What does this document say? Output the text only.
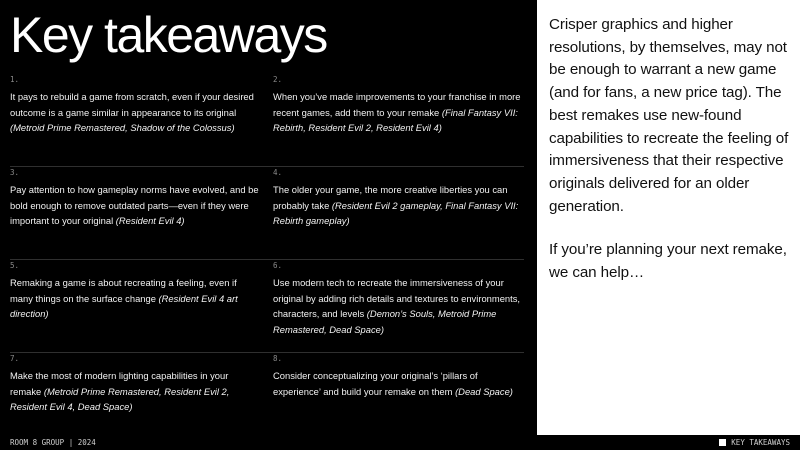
Key takeaways
1.
It pays to rebuild a game from scratch, even if your desired outcome is a game similar in appearance to its original (Metroid Prime Remastered, Shadow of the Colossus)
2.
When you’ve made improvements to your franchise in more recent games, add them to your remake (Final Fantasy VII: Rebirth, Resident Evil 2, Resident Evil 4)
3.
Pay attention to how gameplay norms have evolved, and be bold enough to remove outdated parts—even if they were important to your original (Resident Evil 4)
4.
The older your game, the more creative liberties you can probably take (Resident Evil 2 gameplay, Final Fantasy VII: Rebirth gameplay)
5.
Remaking a game is about recreating a feeling, even if many things on the surface change (Resident Evil 4 art direction)
6.
Use modern tech to recreate the immersiveness of your original by adding rich details and textures to environments, characters, and levels (Demon’s Souls, Metroid Prime Remastered, Dead Space)
7.
Make the most of modern lighting capabilities in your remake (Metroid Prime Remastered, Resident Evil 2, Resident Evil 4, Dead Space)
8.
Consider conceptualizing your original’s ‘pillars of experience’ and build your remake on them (Dead Space)

Crisper graphics and higher resolutions, by themselves, may not be enough to warrant a new game (and for fans, a new price tag). The best remakes use new-found capabilities to recreate the feeling of immersiveness that their respective originals delivered for an older generation.

If you’re planning your next remake, we can help…

ROOM 8 GROUP | 2024	KEY TAKEAWAYS
